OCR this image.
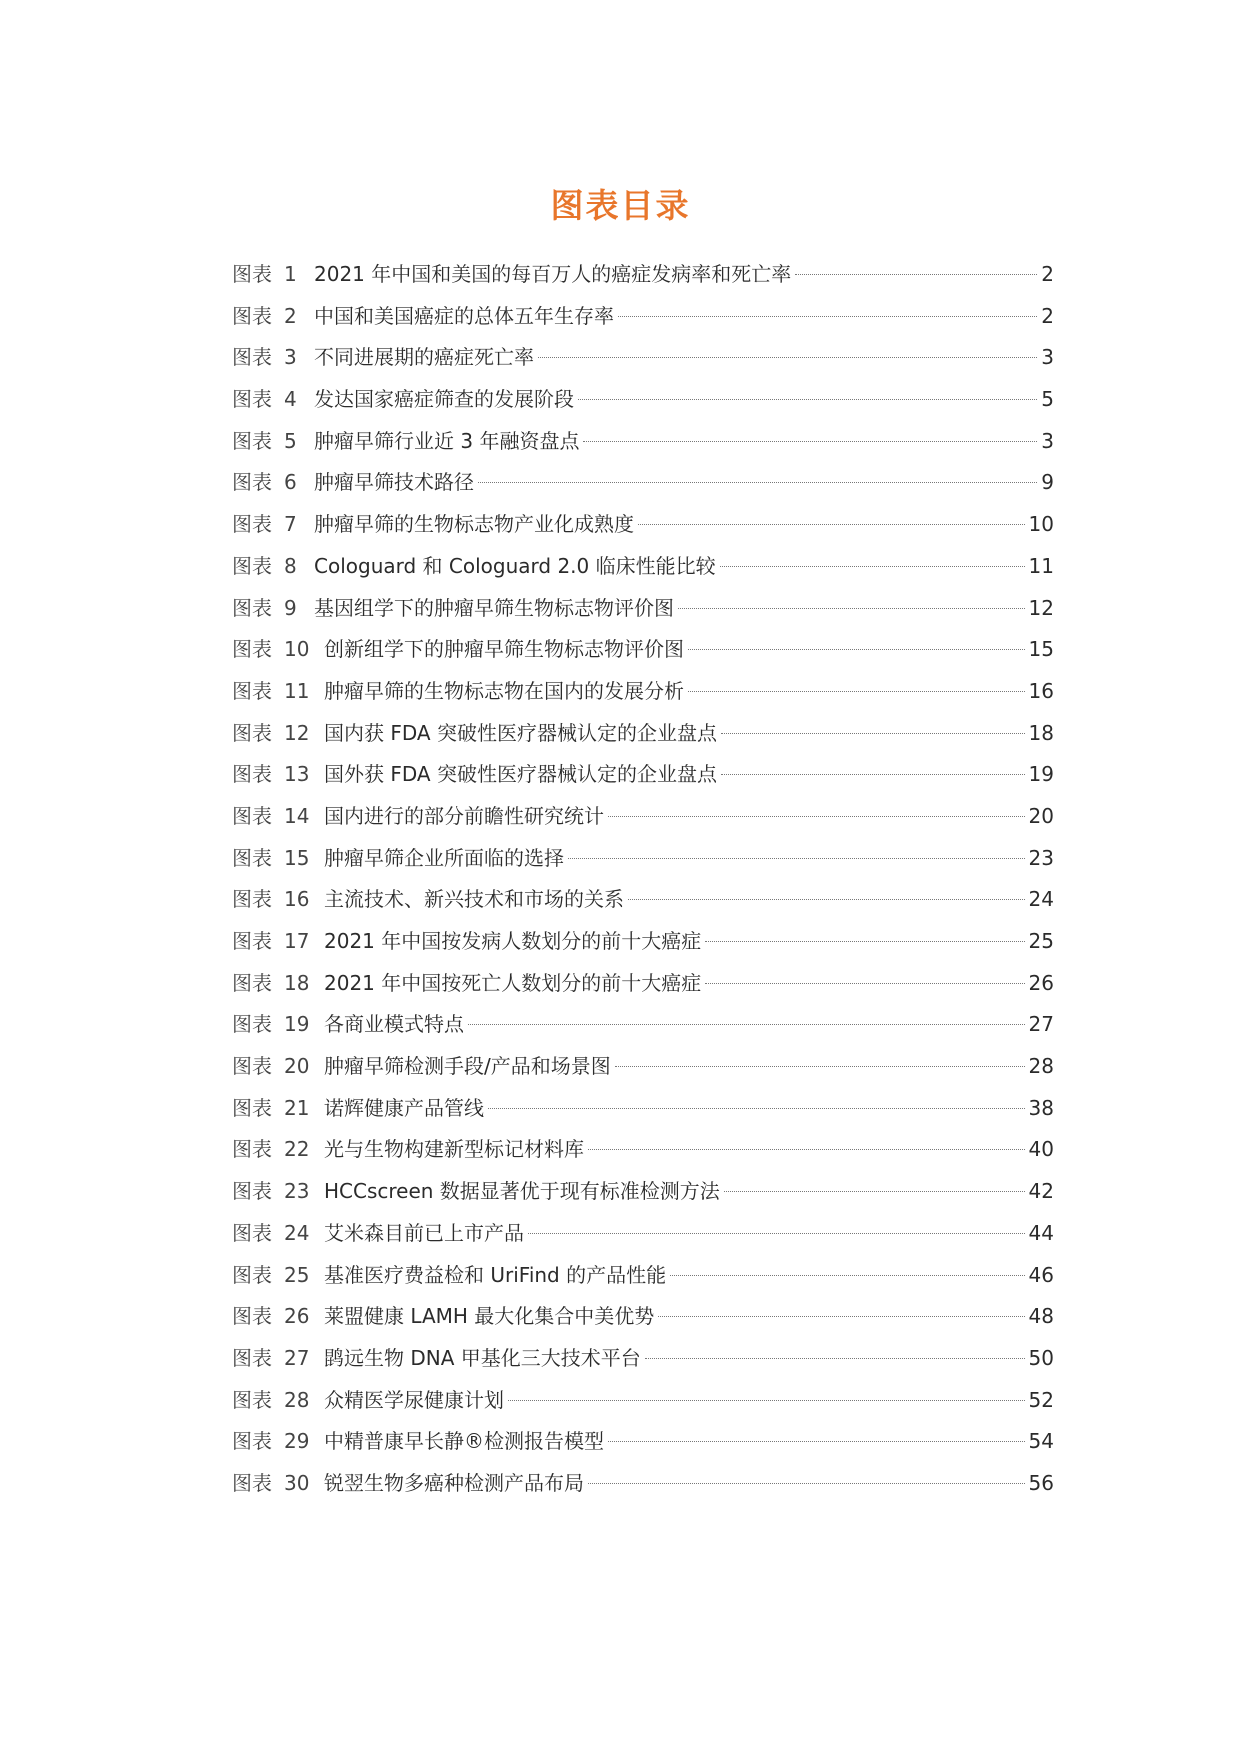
图表目录
图表 1 2021 年中国和美国的每百万人的癌症发病率和死亡率	2
图表 2 中国和美国癌症的总体五年生存率	2
图表 3 不同进展期的癌症死亡率	3
图表 4 发达国家癌症筛查的发展阶段	5
图表 5 肿瘤早筛行业近 3 年融资盘点	3
图表 6 肿瘤早筛技术路径	9
图表 7 肿瘤早筛的生物标志物产业化成熟度	10
图表 8 Cologuard 和 Cologuard 2.0 临床性能比较	11
图表 9 基因组学下的肿瘤早筛生物标志物评价图	12
图表 10 创新组学下的肿瘤早筛生物标志物评价图	15
图表 11 肿瘤早筛的生物标志物在国内的发展分析	16
图表 12 国内获 FDA 突破性医疗器械认定的企业盘点	18
图表 13 国外获 FDA 突破性医疗器械认定的企业盘点	19
图表 14 国内进行的部分前瞻性研究统计	20
图表 15 肿瘤早筛企业所面临的选择	23
图表 16 主流技术、新兴技术和市场的关系	24
图表 17 2021 年中国按发病人数划分的前十大癌症	25
图表 18 2021 年中国按死亡人数划分的前十大癌症	26
图表 19 各商业模式特点	27
图表 20 肿瘤早筛检测手段/产品和场景图	28
图表 21 诺辉健康产品管线	38
图表 22 光与生物构建新型标记材料库	40
图表 23 HCCscreen 数据显著优于现有标准检测方法	42
图表 24 艾米森目前已上市产品	44
图表 25 基准医疗费益检和 UriFind 的产品性能	46
图表 26 莱盟健康 LAMH 最大化集合中美优势	48
图表 27 鹍远生物 DNA 甲基化三大技术平台	50
图表 28 众精医学尿健康计划	52
图表 29 中精普康早长静®检测报告模型	54
图表 30 锐翌生物多癌种检测产品布局	56
